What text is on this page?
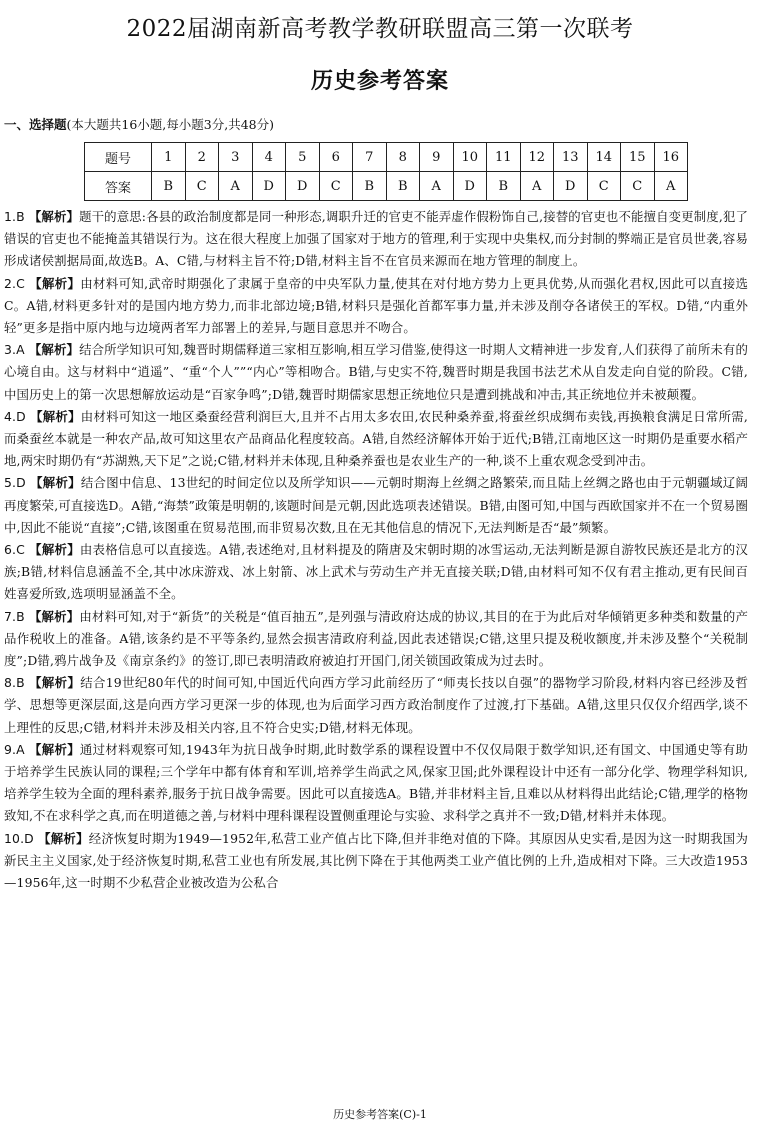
2022届湖南新高考教学教研联盟高三第一次联考
历史参考答案
一、选择题(本大题共16小题,每小题3分,共48分)
题号	1	2	3	4	5	6	7	8	9	10	11	12	13	14	15	16
答案	B	C	A	D	D	C	B	B	A	D	B	A	D	C	C	A
1.B 【解析】题干的意思:各县的政治制度都是同一种形态,调职升迁的官吏不能弄虚作假粉饰自己,接替的官吏也不能擅自变更制度,犯了错误的官吏也不能掩盖其错误行为。这在很大程度上加强了国家对于地方的管理,利于实现中央集权,而分封制的弊端正是官员世袭,容易形成诸侯割据局面,故选B。A、C错,与材料主旨不符;D错,材料主旨不在官员来源而在地方管理的制度上。
2.C 【解析】由材料可知,武帝时期强化了隶属于皇帝的中央军队力量,使其在对付地方势力上更具优势,从而强化君权,因此可以直接选C。A错,材料更多针对的是国内地方势力,而非北部边境;B错,材料只是强化首都军事力量,并未涉及削夺各诸侯王的军权。D错,“内重外轻”更多是指中原内地与边境两者军力部署上的差异,与题目意思并不吻合。
3.A 【解析】结合所学知识可知,魏晋时期儒释道三家相互影响,相互学习借鉴,使得这一时期人文精神进一步发育,人们获得了前所未有的心境自由。这与材料中“逍遥”、“重“个人””“内心”等相吻合。B错,与史实不符,魏晋时期是我国书法艺术从自发走向自觉的阶段。C错,中国历史上的第一次思想解放运动是“百家争鸣”;D错,魏晋时期儒家思想正统地位只是遭到挑战和冲击,其正统地位并未被颠覆。
4.D 【解析】由材料可知这一地区桑蚕经营利润巨大,且并不占用太多农田,农民种桑养蚕,将蚕丝织成绸布卖钱,再换粮食满足日常所需,而桑蚕丝本就是一种农产品,故可知这里农产品商品化程度较高。A错,自然经济解体开始于近代;B错,江南地区这一时期仍是重要水稻产地,两宋时期仍有“苏湖熟,天下足”之说;C错,材料并未体现,且种桑养蚕也是农业生产的一种,谈不上重农观念受到冲击。
5.D 【解析】结合图中信息、13世纪的时间定位以及所学知识——元朝时期海上丝绸之路繁荣,而且陆上丝绸之路也由于元朝疆域辽阔再度繁荣,可直接选D。A错,“海禁”政策是明朝的,该题时间是元朝,因此选项表述错误。B错,由图可知,中国与西欧国家并不在一个贸易圈中,因此不能说“直接”;C错,该图重在贸易范围,而非贸易次数,且在无其他信息的情况下,无法判断是否“最”频繁。
6.C 【解析】由表格信息可以直接选。A错,表述绝对,且材料提及的隋唐及宋朝时期的冰雪运动,无法判断是源自游牧民族还是北方的汉族;B错,材料信息涵盖不全,其中冰床游戏、冰上射箭、冰上武术与劳动生产并无直接关联;D错,由材料可知不仅有君主推动,更有民间百姓喜爱所致,选项明显涵盖不全。
7.B 【解析】由材料可知,对于“新货”的关税是“值百抽五”,是列强与清政府达成的协议,其目的在于为此后对华倾销更多种类和数量的产品作税收上的准备。A错,该条约是不平等条约,显然会损害清政府利益,因此表述错误;C错,这里只提及税收额度,并未涉及整个“关税制度”;D错,鸦片战争及《南京条约》的签订,即已表明清政府被迫打开国门,闭关锁国政策成为过去时。
8.B 【解析】结合19世纪80年代的时间可知,中国近代向西方学习此前经历了“师夷长技以自强”的器物学习阶段,材料内容已经涉及哲学、思想等更深层面,这是向西方学习更深一步的体现,也为后面学习西方政治制度作了过渡,打下基础。A错,这里只仅仅介绍西学,谈不上理性的反思;C错,材料并未涉及相关内容,且不符合史实;D错,材料无体现。
9.A 【解析】通过材料观察可知,1943年为抗日战争时期,此时数学系的课程设置中不仅仅局限于数学知识,还有国文、中国通史等有助于培养学生民族认同的课程;三个学年中都有体育和军训,培养学生尚武之风,保家卫国;此外课程设计中还有一部分化学、物理学科知识,培养学生较为全面的理科素养,服务于抗日战争需要。因此可以直接选A。B错,并非材料主旨,且难以从材料得出此结论;C错,理学的格物致知,不在求科学之真,而在明道德之善,与材料中理科课程设置侧重理论与实验、求科学之真并不一致;D错,材料并未体现。
10.D 【解析】经济恢复时期为1949—1952年,私营工业产值占比下降,但并非绝对值的下降。其原因从史实看,是因为这一时期我国为新民主主义国家,处于经济恢复时期,私营工业也有所发展,其比例下降在于其他两类工业产值比例的上升,造成相对下降。三大改造1953—1956年,这一时期不少私营企业被改造为公私合
历史参考答案(C)-1
